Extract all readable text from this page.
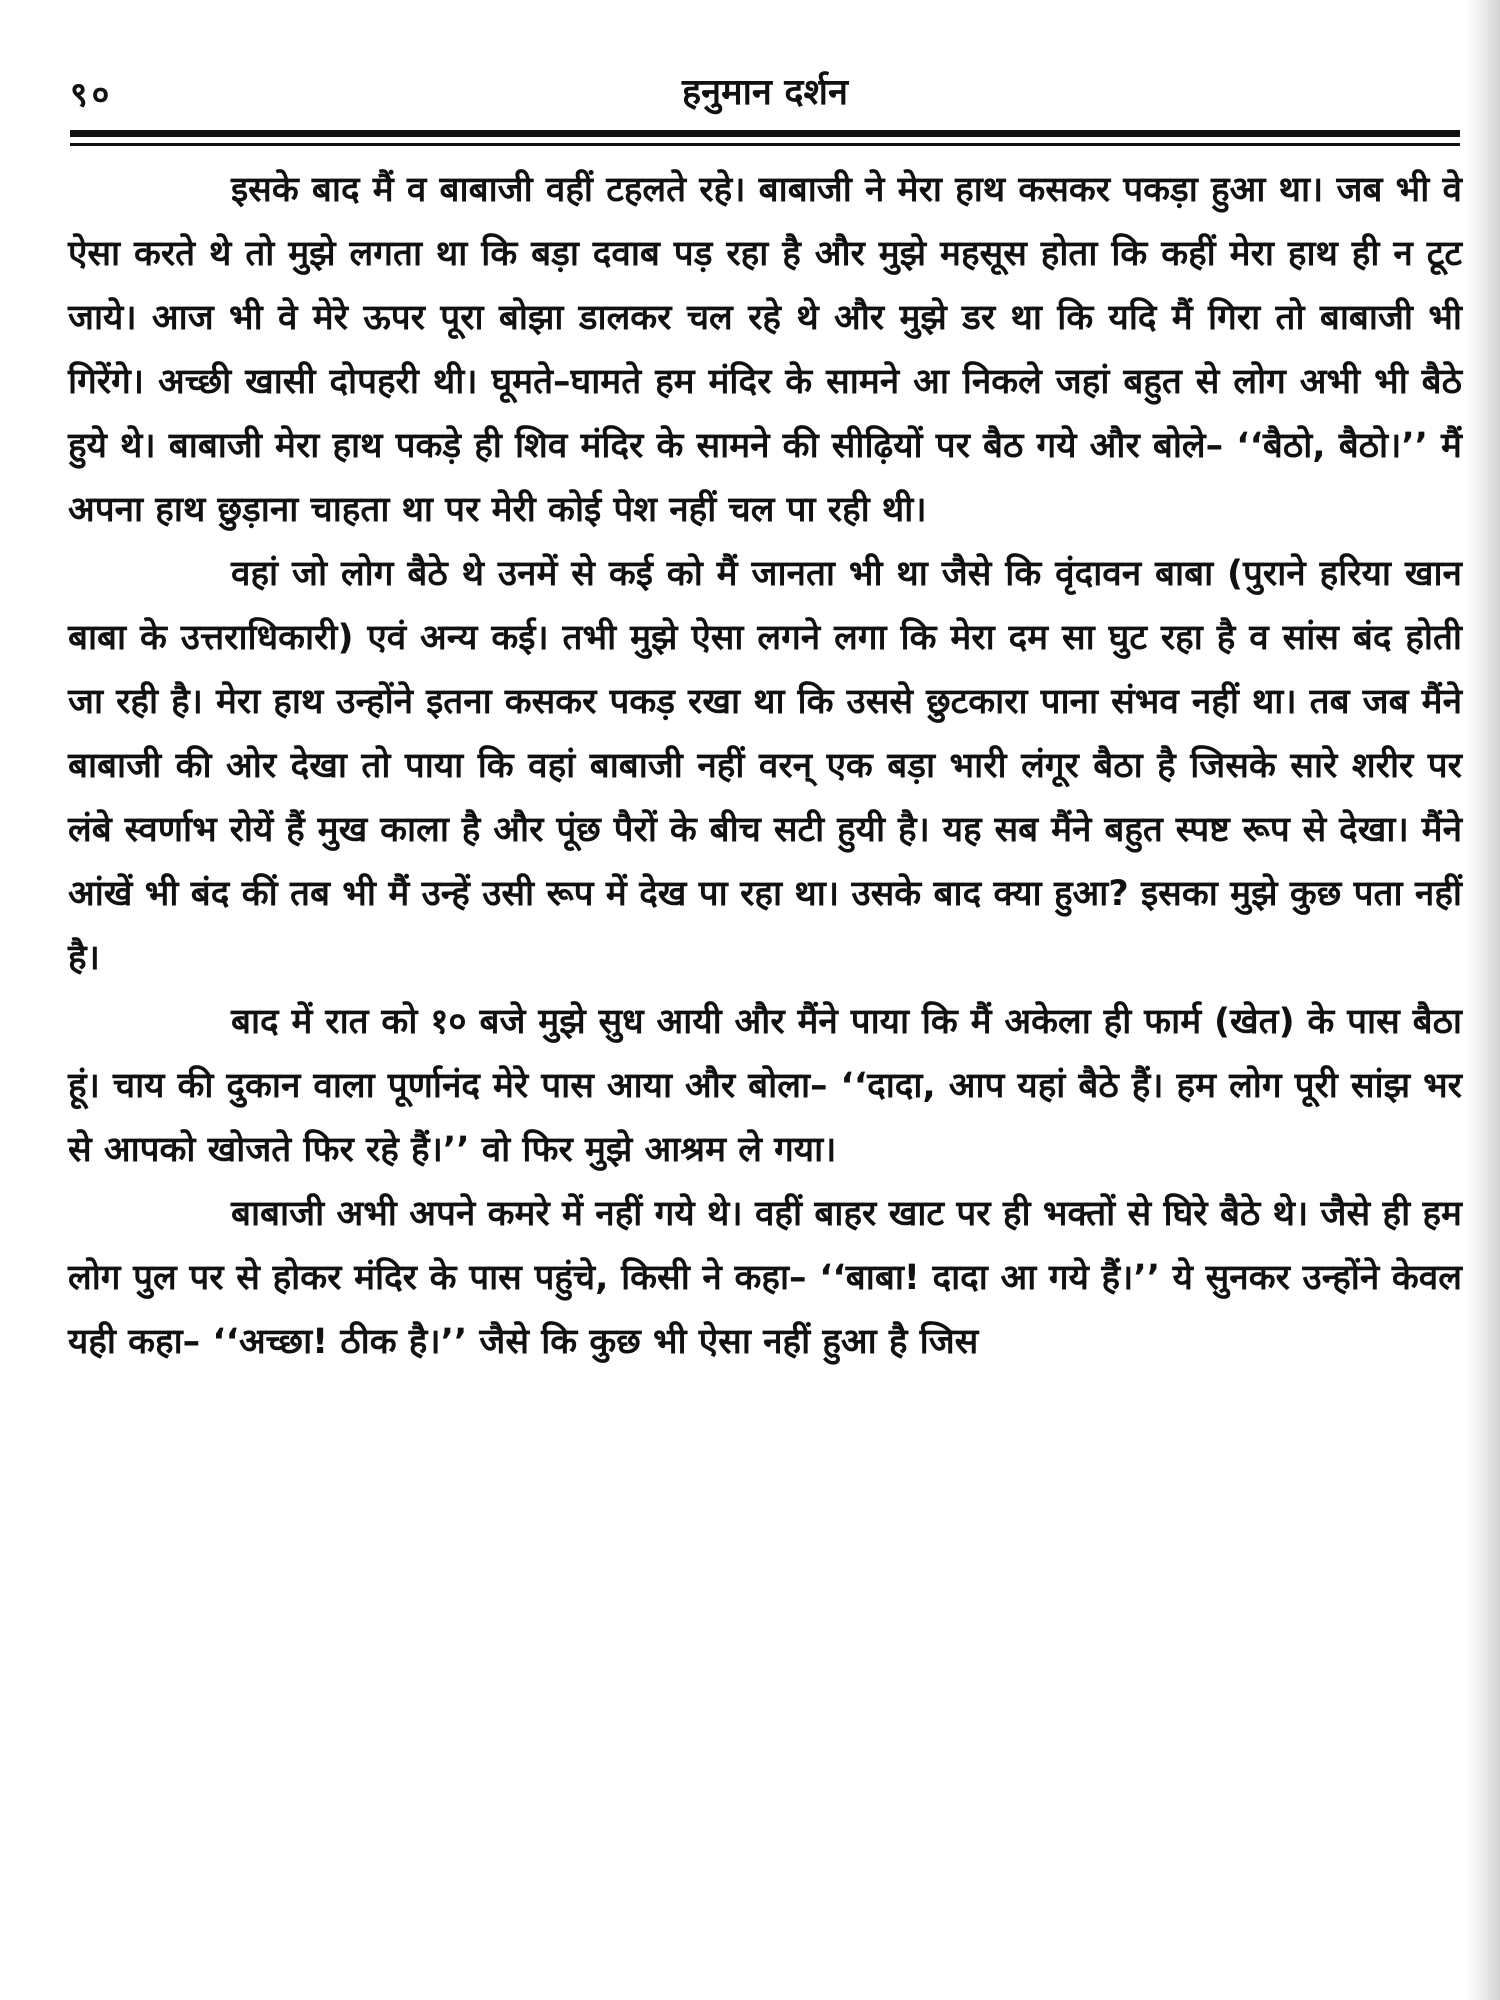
९०	हनुमान दर्शन

इसके बाद मैं व बाबाजी वहीं टहलते रहे। बाबाजी ने मेरा हाथ कसकर पकड़ा हुआ था। जब भी वे ऐसा करते थे तो मुझे लगता था कि बड़ा दवाब पड़ रहा है और मुझे महसूस होता कि कहीं मेरा हाथ ही न टूट जाये। आज भी वे मेरे ऊपर पूरा बोझा डालकर चल रहे थे और मुझे डर था कि यदि मैं गिरा तो बाबाजी भी गिरेंगे। अच्छी खासी दोपहरी थी। घूमते–घामते हम मंदिर के सामने आ निकले जहां बहुत से लोग अभी भी बैठे हुये थे। बाबाजी मेरा हाथ पकड़े ही शिव मंदिर के सामने की सीढ़ियों पर बैठ गये और बोले– ‘‘बैठो, बैठो।’’ मैं अपना हाथ छुड़ाना चाहता था पर मेरी कोई पेश नहीं चल पा रही थी।

वहां जो लोग बैठे थे उनमें से कई को मैं जानता भी था जैसे कि वृंदावन बाबा (पुराने हरिया खान बाबा के उत्तराधिकारी) एवं अन्य कई। तभी मुझे ऐसा लगने लगा कि मेरा दम सा घुट रहा है व सांस बंद होती जा रही है। मेरा हाथ उन्होंने इतना कसकर पकड़ रखा था कि उससे छुटकारा पाना संभव नहीं था। तब जब मैंने बाबाजी की ओर देखा तो पाया कि वहां बाबाजी नहीं वरन् एक बड़ा भारी लंगूर बैठा है जिसके सारे शरीर पर लंबे स्वर्णाभ रोयें हैं मुख काला है और पूंछ पैरों के बीच सटी हुयी है। यह सब मैंने बहुत स्पष्ट रूप से देखा। मैंने आंखें भी बंद कीं तब भी मैं उन्हें उसी रूप में देख पा रहा था। उसके बाद क्या हुआ? इसका मुझे कुछ पता नहीं है।

बाद में रात को १० बजे मुझे सुध आयी और मैंने पाया कि मैं अकेला ही फार्म (खेत) के पास बैठा हूं। चाय की दुकान वाला पूर्णानंद मेरे पास आया और बोला– ‘‘दादा, आप यहां बैठे हैं। हम लोग पूरी सांझ भर से आपको खोजते फिर रहे हैं।’’ वो फिर मुझे आश्रम ले गया।

बाबाजी अभी अपने कमरे में नहीं गये थे। वहीं बाहर खाट पर ही भक्तों से घिरे बैठे थे। जैसे ही हम लोग पुल पर से होकर मंदिर के पास पहुंचे, किसी ने कहा– ‘‘बाबा! दादा आ गये हैं।’’ ये सुनकर उन्होंने केवल यही कहा– ‘‘अच्छा! ठीक है।’’ जैसे कि कुछ भी ऐसा नहीं हुआ है जिस
